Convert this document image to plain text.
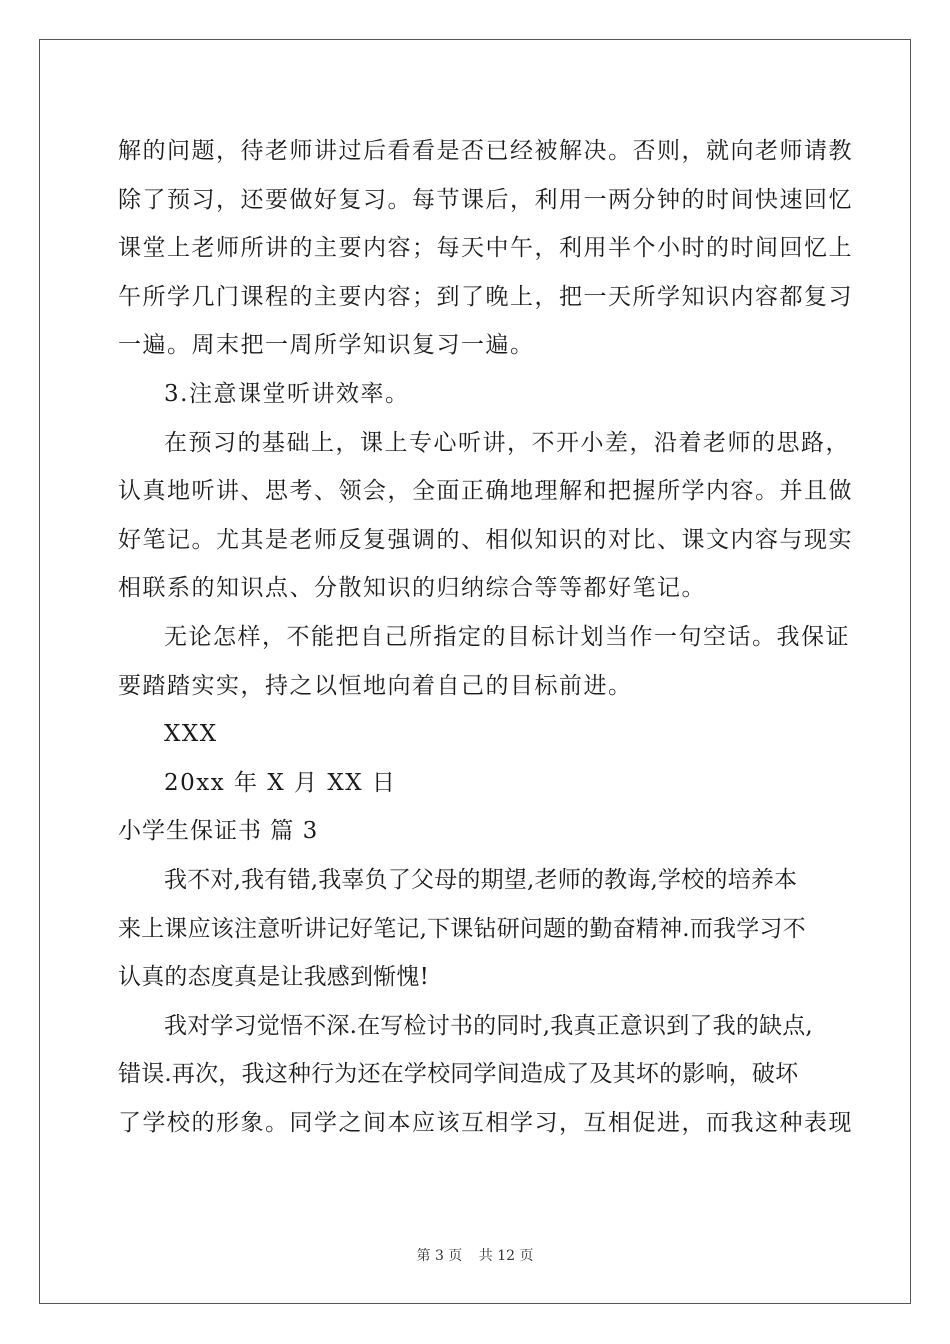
解的问题，待老师讲过后看看是否已经被解决。否则，就向老师请教
除了预习，还要做好复习。每节课后，利用一两分钟的时间快速回忆
课堂上老师所讲的主要内容；每天中午，利用半个小时的时间回忆上
午所学几门课程的主要内容；到了晚上，把一天所学知识内容都复习
一遍。周末把一周所学知识复习一遍。
3.注意课堂听讲效率。
在预习的基础上，课上专心听讲，不开小差，沿着老师的思路，
认真地听讲、思考、领会，全面正确地理解和把握所学内容。并且做
好笔记。尤其是老师反复强调的、相似知识的对比、课文内容与现实
相联系的知识点、分散知识的归纳综合等等都好笔记。
无论怎样，不能把自己所指定的目标计划当作一句空话。我保证
要踏踏实实，持之以恒地向着自己的目标前进。
XXX
20xx 年 X 月 XX 日
小学生保证书 篇 3
我不对,我有错,我辜负了父母的期望,老师的教诲,学校的培养本
来上课应该注意听讲记好笔记,下课钻研问题的勤奋精神.而我学习不
认真的态度真是让我感到惭愧!
我对学习觉悟不深.在写检讨书的同时,我真正意识到了我的缺点,
错误.再次，我这种行为还在学校同学间造成了及其坏的影响，破坏
了学校的形象。同学之间本应该互相学习，互相促进，而我这种表现
第 3 页 共 12 页
